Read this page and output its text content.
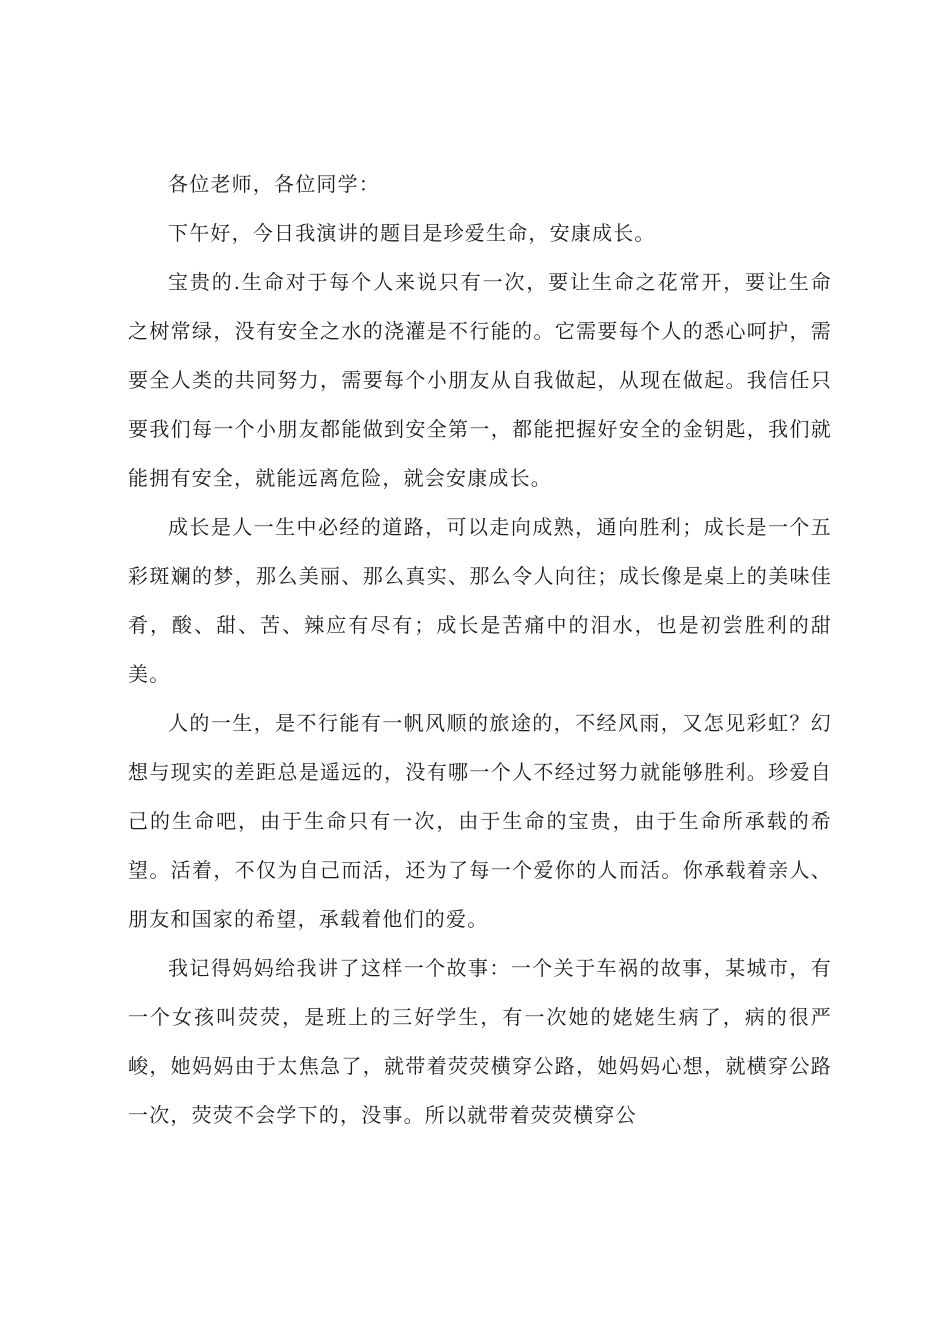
各位老师，各位同学：

下午好，今日我演讲的题目是珍爱生命，安康成长。

宝贵的.生命对于每个人来说只有一次，要让生命之花常开，要让生命之树常绿，没有安全之水的浇灌是不行能的。它需要每个人的悉心呵护，需要全人类的共同努力，需要每个小朋友从自我做起，从现在做起。我信任只要我们每一个小朋友都能做到安全第一，都能把握好安全的金钥匙，我们就能拥有安全，就能远离危险，就会安康成长。

成长是人一生中必经的道路，可以走向成熟，通向胜利；成长是一个五彩斑斓的梦，那么美丽、那么真实、那么令人向往；成长像是桌上的美味佳肴，酸、甜、苦、辣应有尽有；成长是苦痛中的泪水，也是初尝胜利的甜美。

人的一生，是不行能有一帆风顺的旅途的，不经风雨，又怎见彩虹？幻想与现实的差距总是遥远的，没有哪一个人不经过努力就能够胜利。珍爱自己的生命吧，由于生命只有一次，由于生命的宝贵，由于生命所承载的希望。活着，不仅为自己而活，还为了每一个爱你的人而活。你承载着亲人、朋友和国家的希望，承载着他们的爱。

我记得妈妈给我讲了这样一个故事：一个关于车祸的故事，某城市，有一个女孩叫荧荧，是班上的三好学生，有一次她的姥姥生病了，病的很严峻，她妈妈由于太焦急了，就带着荧荧横穿公路，她妈妈心想，就横穿公路一次，荧荧不会学下的，没事。所以就带着荧荧横穿公
